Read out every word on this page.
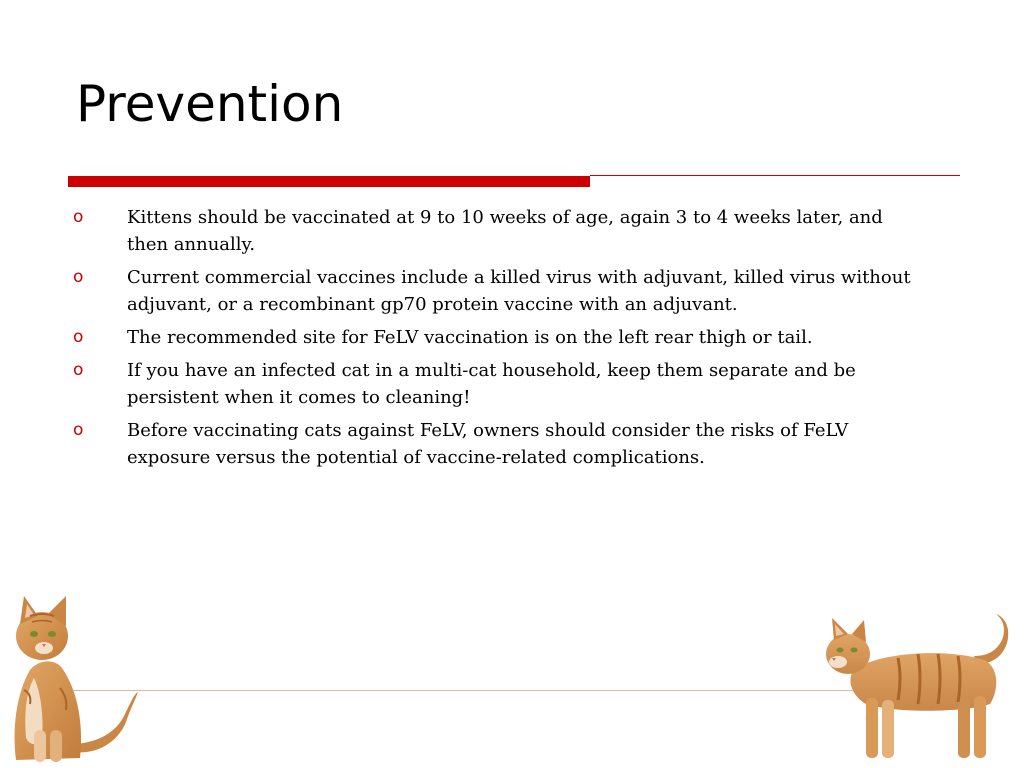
Prevention
o Kittens should be vaccinated at 9 to 10 weeks of age, again 3 to 4 weeks later, and then annually.
o Current commercial vaccines include a killed virus with adjuvant, killed virus without adjuvant, or a recombinant gp70 protein vaccine with an adjuvant.
o The recommended site for FeLV vaccination is on the left rear thigh or tail.
o If you have an infected cat in a multi-cat household, keep them separate and be persistent when it comes to cleaning!
o Before vaccinating cats against FeLV, owners should consider the risks of FeLV exposure versus the potential of vaccine-related complications.
